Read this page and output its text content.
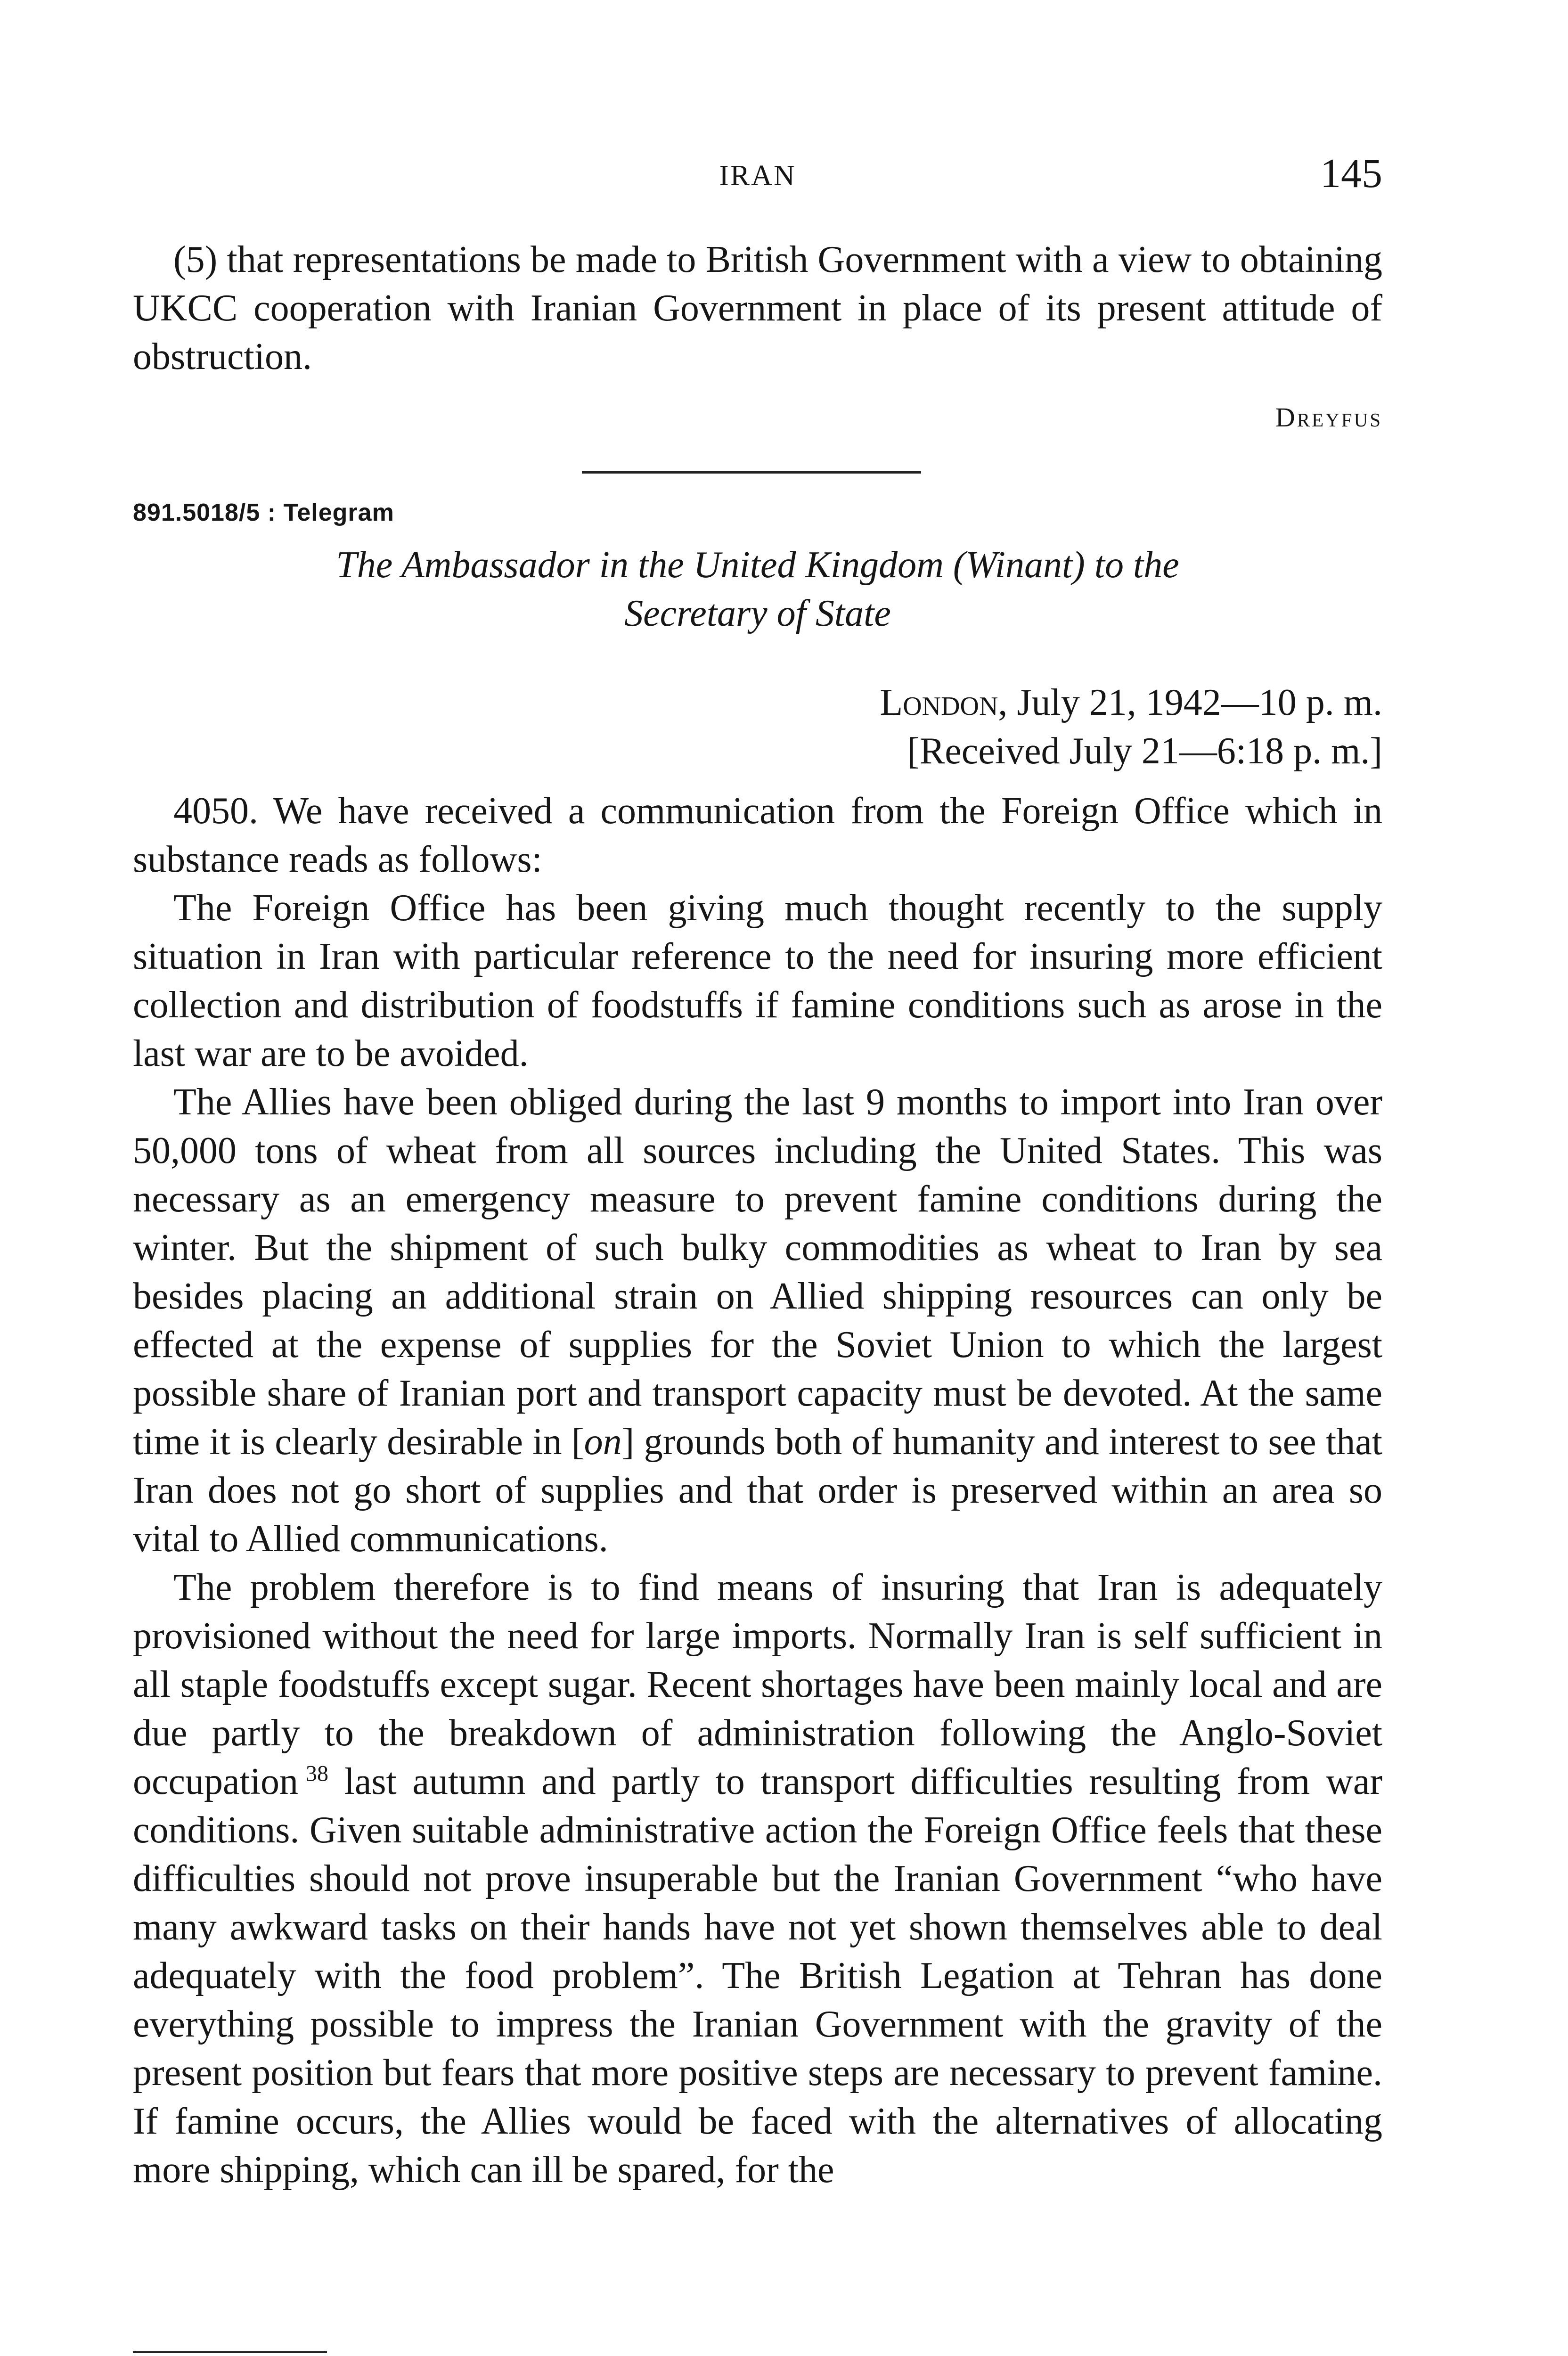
IRAN	145

(5) that representations be made to British Government with a view to obtaining UKCC cooperation with Iranian Government in place of its present attitude of obstruction.

Dreyfus
891.5018/5 : Telegram
The Ambassador in the United Kingdom (Winant) to the
Secretary of State
London, July 21, 1942—10 p. m.
[Received July 21—6:18 p. m.]

4050. We have received a communication from the Foreign Office which in substance reads as follows:

The Foreign Office has been giving much thought recently to the supply situation in Iran with particular reference to the need for insuring more efficient collection and distribution of foodstuffs if famine conditions such as arose in the last war are to be avoided.

The Allies have been obliged during the last 9 months to import into Iran over 50,000 tons of wheat from all sources including the United States. This was necessary as an emergency measure to prevent famine conditions during the winter. But the shipment of such bulky commodities as wheat to Iran by sea besides placing an additional strain on Allied shipping resources can only be effected at the expense of supplies for the Soviet Union to which the largest possible share of Iranian port and transport capacity must be devoted. At the same time it is clearly desirable in [on] grounds both of humanity and interest to see that Iran does not go short of supplies and that order is preserved within an area so vital to Allied communications.

The problem therefore is to find means of insuring that Iran is adequately provisioned without the need for large imports. Normally Iran is self sufficient in all staple foodstuffs except sugar. Recent shortages have been mainly local and are due partly to the breakdown of administration following the Anglo-Soviet occupation  $^{38}$ last autumn and partly to transport difficulties resulting from war conditions. Given suitable administrative action the Foreign Office feels that these difficulties should not prove insuperable but the Iranian Government “who have many awkward tasks on their hands have not yet shown themselves able to deal adequately with the food problem”. The British Legation at Tehran has done everything possible to impress the Iranian Government with the gravity of the present position but fears that more positive steps are necessary to prevent famine. If famine occurs, the Allies would be faced with the alternatives of allocating more shipping, which can ill be spared, for the
